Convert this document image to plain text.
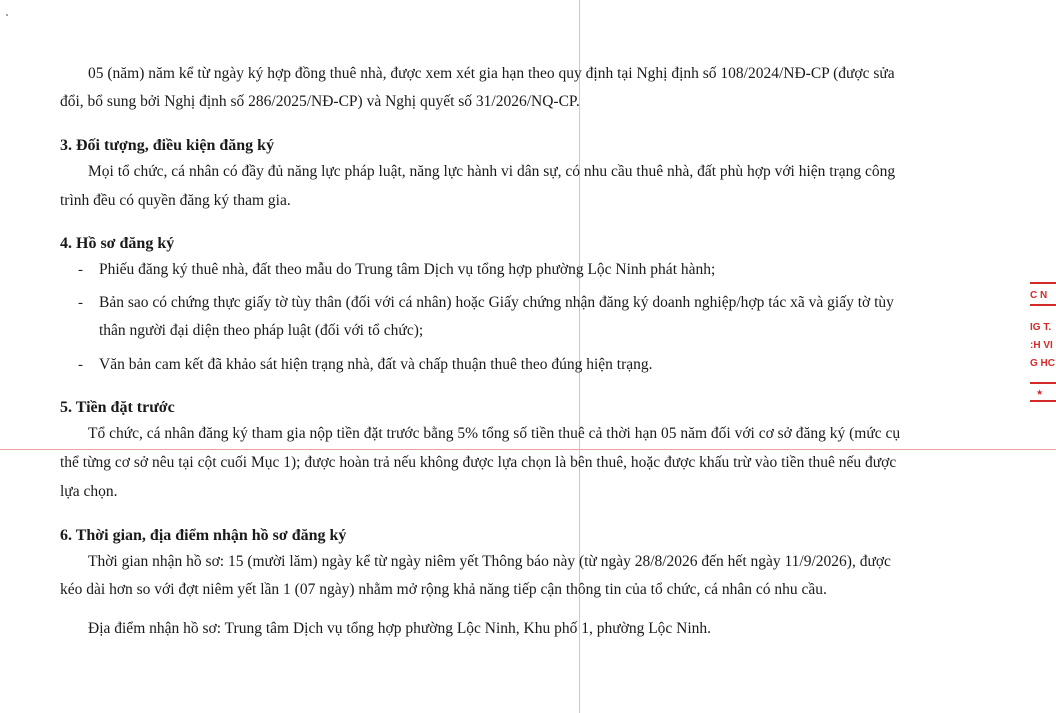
05 (năm) năm kể từ ngày ký hợp đồng thuê nhà, được xem xét gia hạn theo quy định tại Nghị định số 108/2024/NĐ-CP (được sửa
đổi, bổ sung bởi Nghị định số 286/2025/NĐ-CP) và Nghị quyết số 31/2026/NQ-CP.
3. Đối tượng, điều kiện đăng ký
Mọi tổ chức, cá nhân có đầy đủ năng lực pháp luật, năng lực hành vi dân sự, có nhu cầu thuê nhà, đất phù hợp với hiện trạng công
trình đều có quyền đăng ký tham gia.
4. Hồ sơ đăng ký
- Phiếu đăng ký thuê nhà, đất theo mẫu do Trung tâm Dịch vụ tổng hợp phường Lộc Ninh phát hành;
- Bản sao có chứng thực giấy tờ tùy thân (đối với cá nhân) hoặc Giấy chứng nhận đăng ký doanh nghiệp/hợp tác xã và giấy tờ tùy
thân người đại diện theo pháp luật (đối với tổ chức);
- Văn bản cam kết đã khảo sát hiện trạng nhà, đất và chấp thuận thuê theo đúng hiện trạng.
5. Tiền đặt trước
Tổ chức, cá nhân đăng ký tham gia nộp tiền đặt trước bằng 5% tổng số tiền thuê cả thời hạn 05 năm đối với cơ sở đăng ký (mức cụ
thể từng cơ sở nêu tại cột cuối Mục 1); được hoàn trả nếu không được lựa chọn là bên thuê, hoặc được khấu trừ vào tiền thuê nếu được
lựa chọn.
6. Thời gian, địa điểm nhận hồ sơ đăng ký
Thời gian nhận hồ sơ: 15 (mười lăm) ngày kể từ ngày niêm yết Thông báo này (từ ngày 28/8/2026 đến hết ngày 11/9/2026), được
kéo dài hơn so với đợt niêm yết lần 1 (07 ngày) nhằm mở rộng khả năng tiếp cận thông tin của tổ chức, cá nhân có nhu cầu.
Địa điểm nhận hồ sơ: Trung tâm Dịch vụ tổng hợp phường Lộc Ninh, Khu phố 1, phường Lộc Ninh.
C N
IG T.
:H VI
G HC
★
